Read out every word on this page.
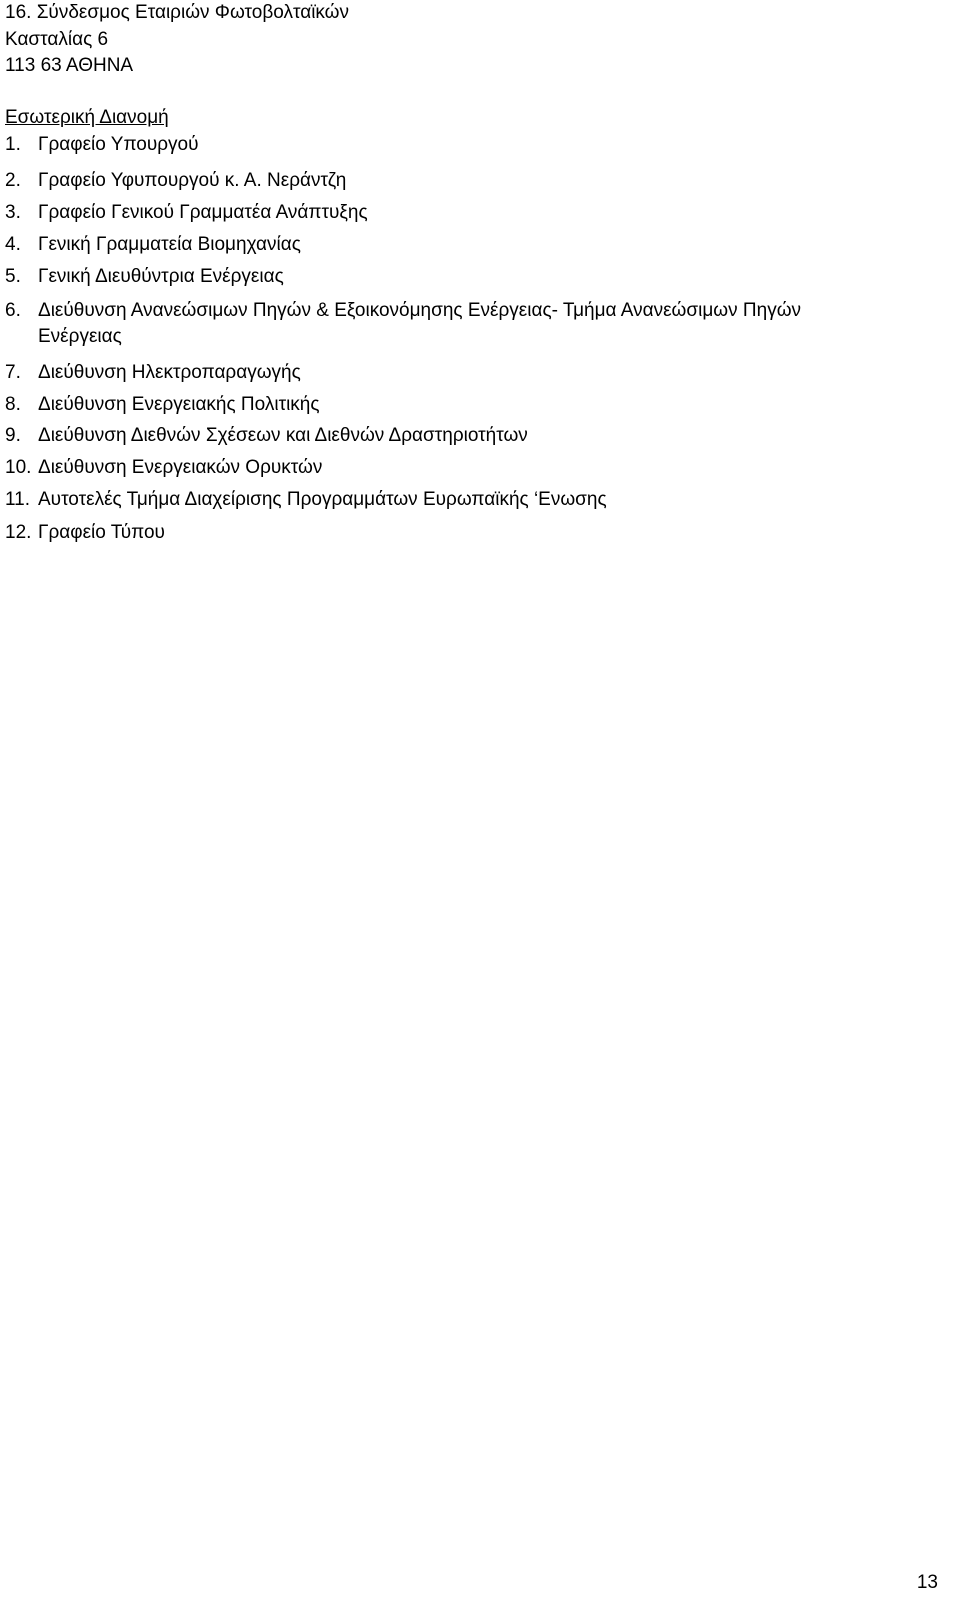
16. Σύνδεσμος Εταιριών Φωτοβολταϊκών
Κασταλίας 6
113 63 ΑΘΗΝΑ
Εσωτερική Διανομή
1. Γραφείο Υπουργού
2. Γραφείο Υφυπουργού κ. Α. Νεράντζη
3. Γραφείο Γενικού Γραμματέα Ανάπτυξης
4. Γενική Γραμματεία Βιομηχανίας
5. Γενική Διευθύντρια Ενέργειας
6. Διεύθυνση Ανανεώσιμων Πηγών & Εξοικονόμησης Ενέργειας- Τμήμα Ανανεώσιμων Πηγών
Ενέργειας
7. Διεύθυνση Ηλεκτροπαραγωγής
8. Διεύθυνση Ενεργειακής Πολιτικής
9. Διεύθυνση Διεθνών Σχέσεων και Διεθνών Δραστηριοτήτων
10. Διεύθυνση Ενεργειακών Ορυκτών
11. Αυτοτελές Τμήμα Διαχείρισης Προγραμμάτων Ευρωπαϊκής ‘Ενωσης
12. Γραφείο Τύπου
13
